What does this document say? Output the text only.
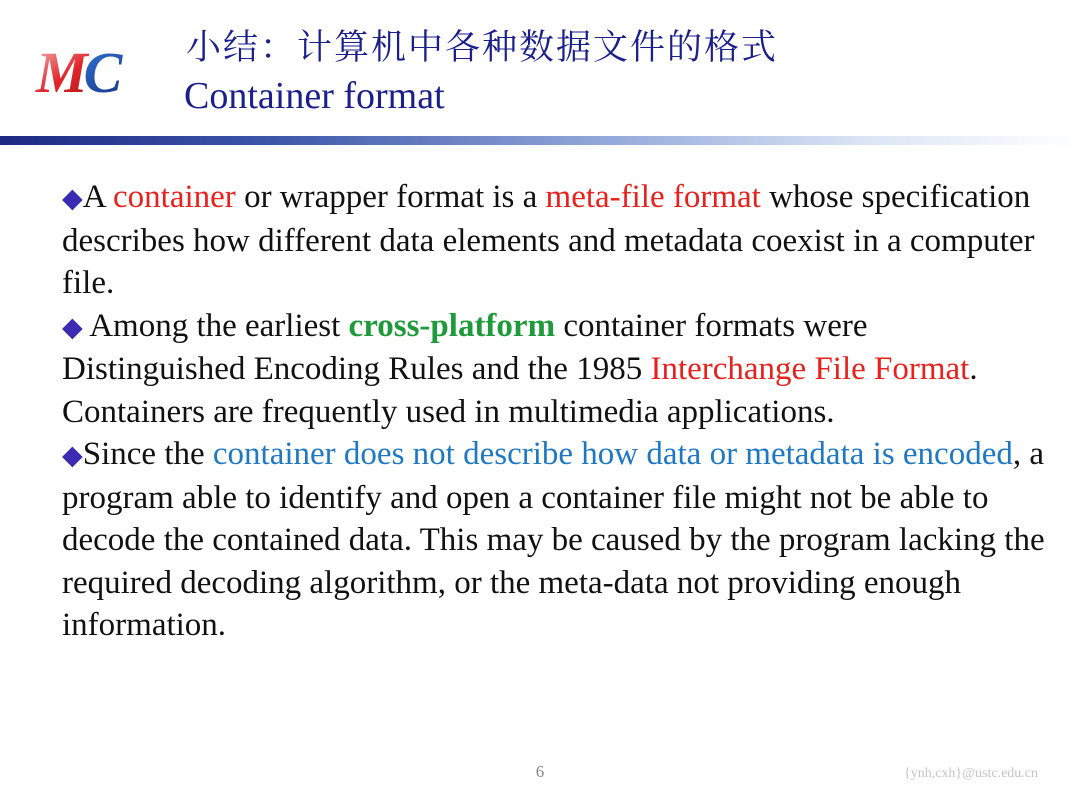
MC 小结：计算机中各种数据文件的格式
Container format

◆A container or wrapper format is a meta-file format whose specification describes how different data elements and metadata coexist in a computer file.

◆ Among the earliest cross-platform container formats were Distinguished Encoding Rules and the 1985 Interchange File Format. Containers are frequently used in multimedia applications.

◆Since the container does not describe how data or metadata is encoded, a program able to identify and open a container file might not be able to decode the contained data. This may be caused by the program lacking the required decoding algorithm, or the meta-data not providing enough information.

6	{ynh,cxh}@ustc.edu.cn
